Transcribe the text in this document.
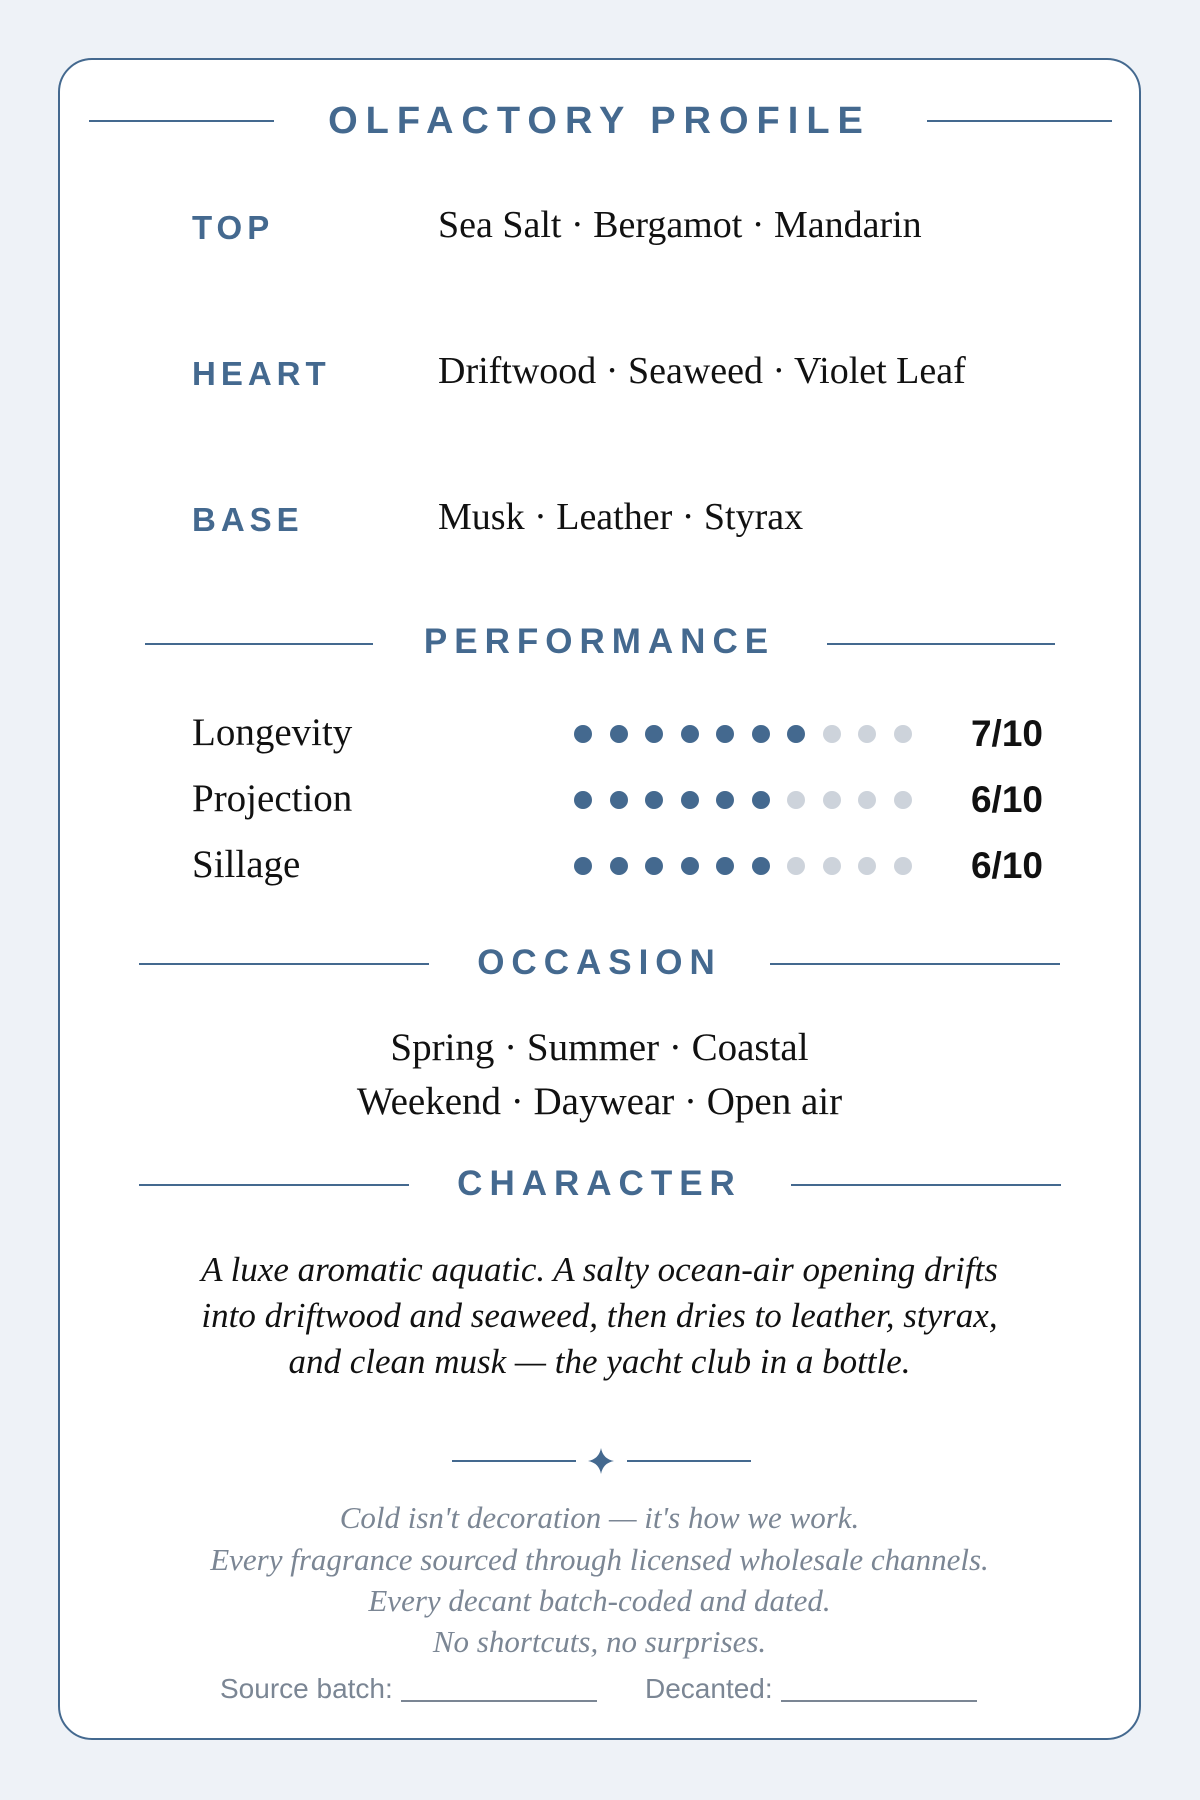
OLFACTORY PROFILE
TOP	Sea Salt · Bergamot · Mandarin
HEART	Driftwood · Seaweed · Violet Leaf
BASE	Musk · Leather · Styrax
PERFORMANCE
Longevity	7/10
Projection	6/10
Sillage	6/10
OCCASION
Spring · Summer · Coastal
Weekend · Daywear · Open air
CHARACTER
A luxe aromatic aquatic. A salty ocean-air opening drifts
into driftwood and seaweed, then dries to leather, styrax,
and clean musk — the yacht club in a bottle.
Cold isn't decoration — it's how we work.
Every fragrance sourced through licensed wholesale channels.
Every decant batch-coded and dated.
No shortcuts, no surprises.
Source batch:	Decanted:
